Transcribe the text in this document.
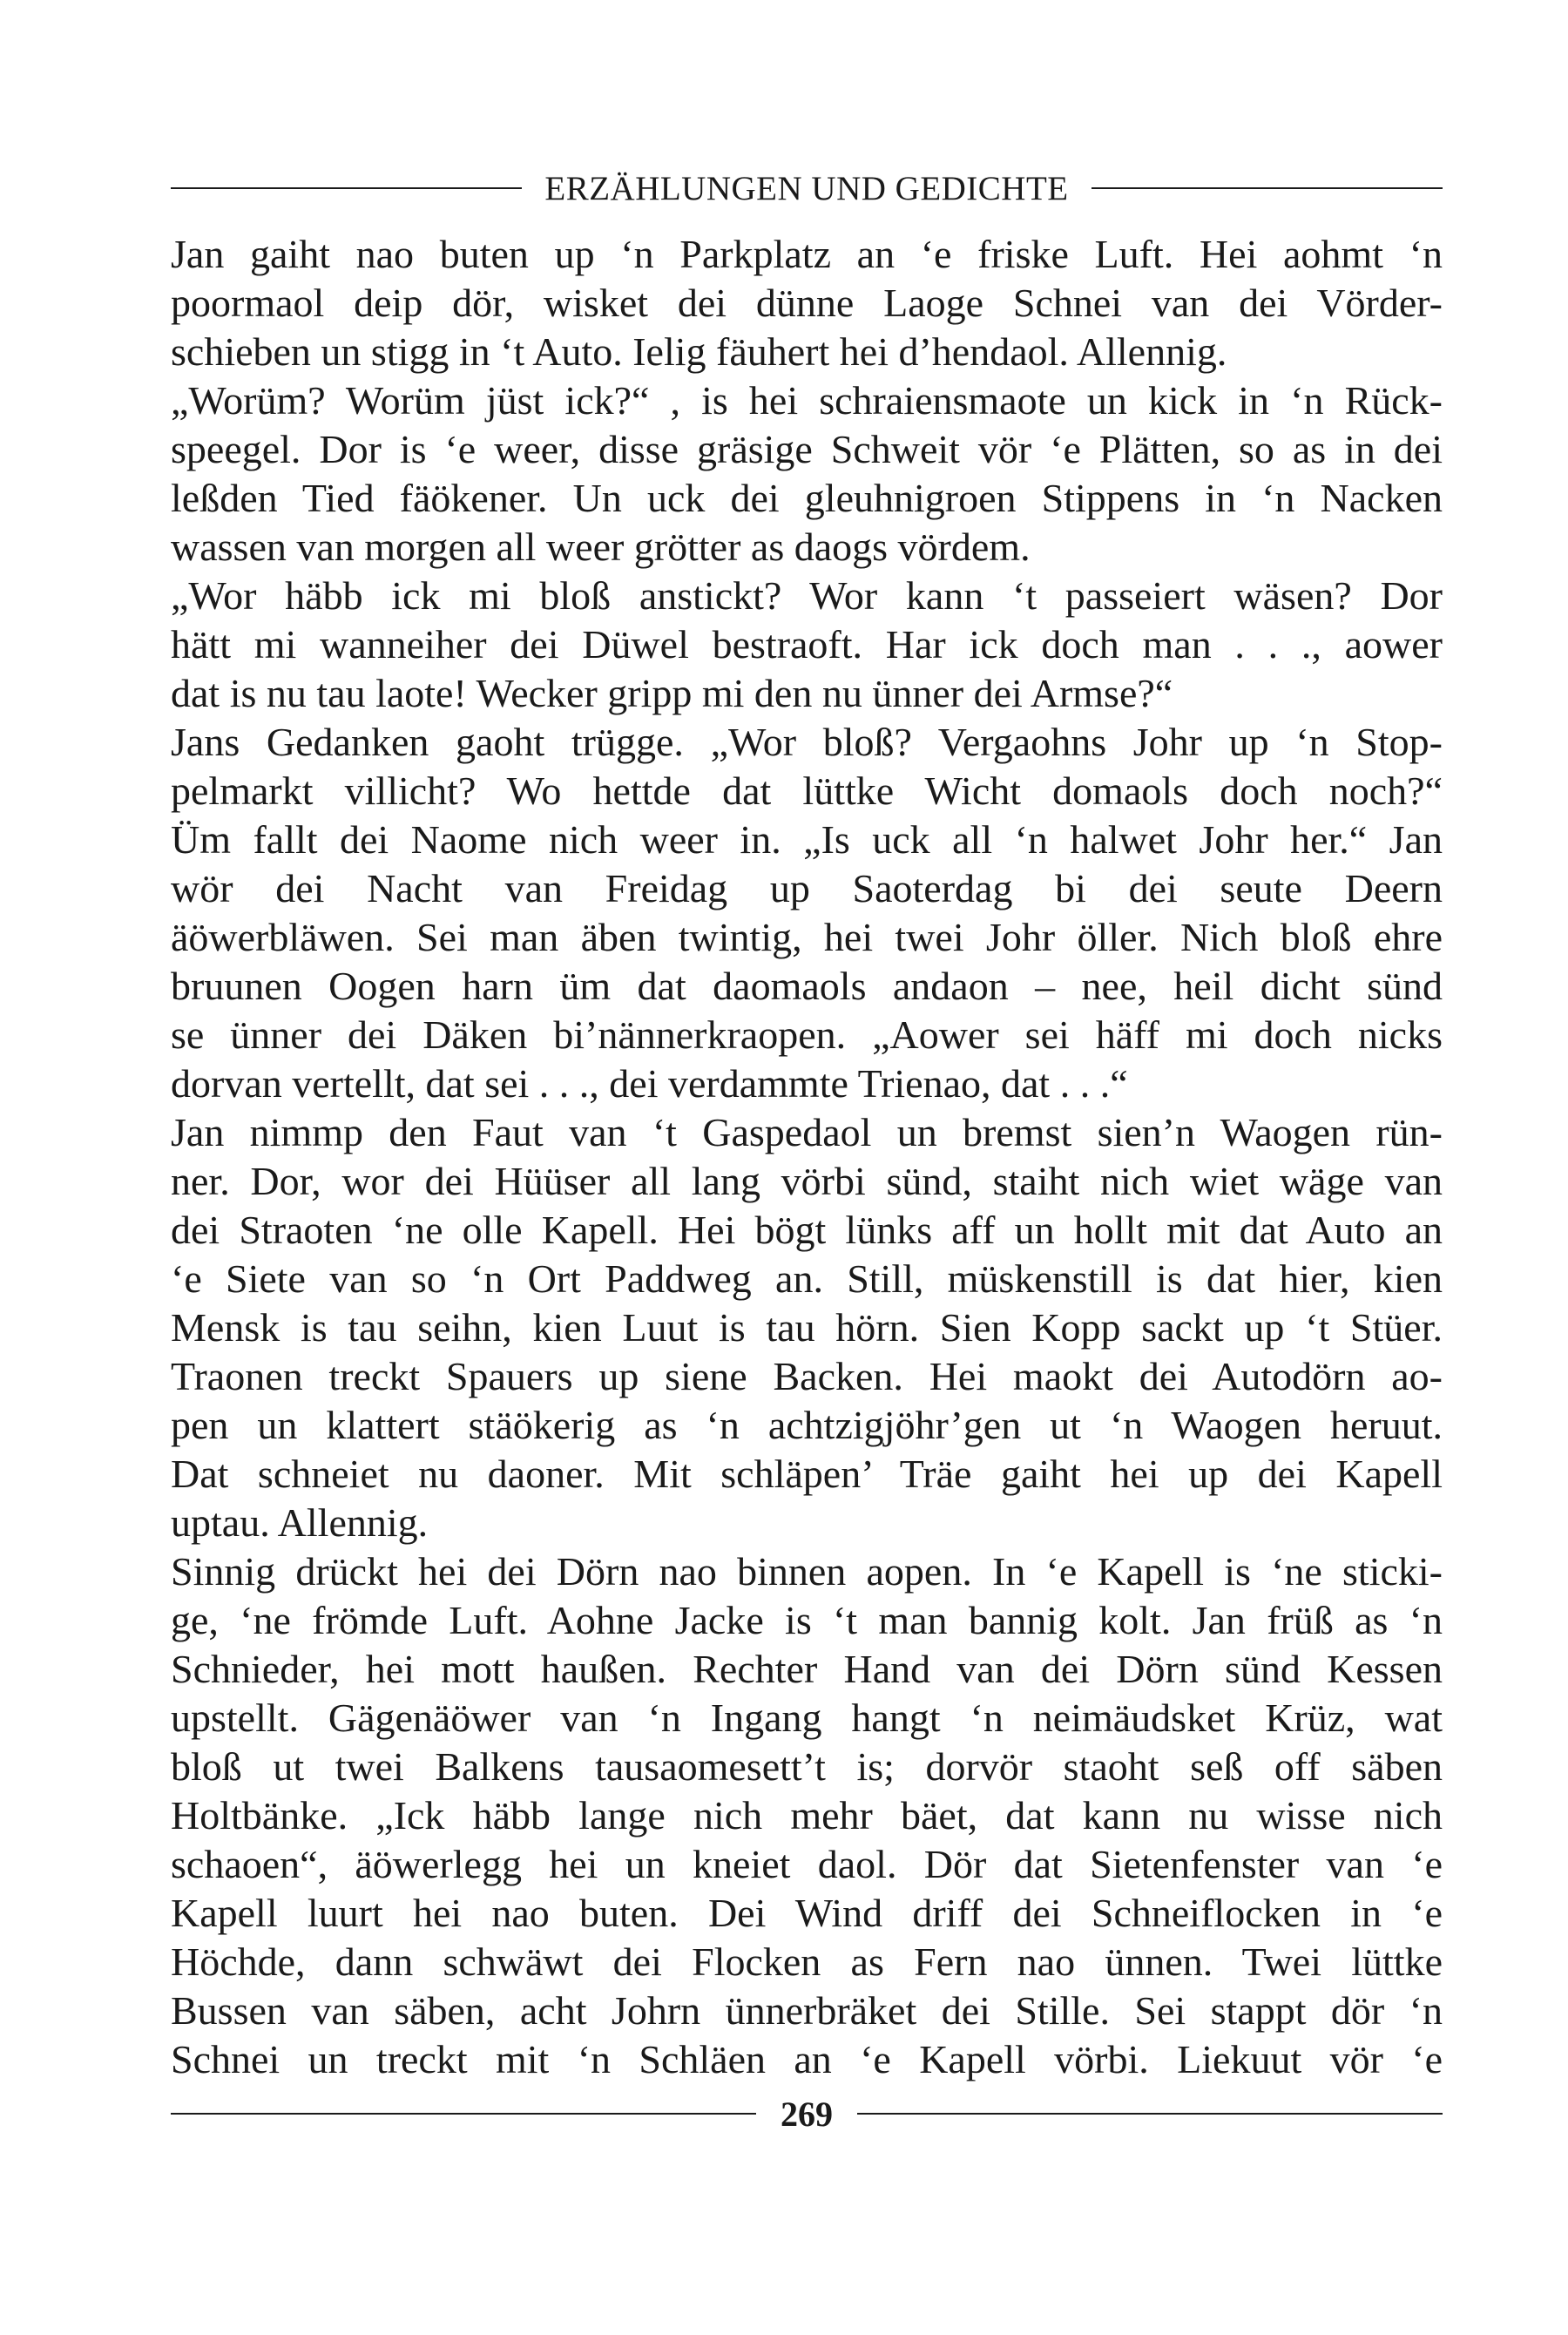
ERZÄHLUNGEN UND GEDICHTE
Jan gaiht nao buten up ‘n Parkplatz an ‘e friske Luft. Hei aohmt ‘n
poormaol deip dör, wisket dei dünne Laoge Schnei van dei Vörder-
schieben un stigg in ‘t Auto. Ielig fäuhert hei d’hendaol. Allennig.
„Worüm? Worüm jüst ick?“ , is hei schraiensmaote un kick in ‘n Rück-
speegel. Dor is ‘e weer, disse gräsige Schweit vör ‘e Plätten, so as in dei
leßden Tied fäökener. Un uck dei gleuhnigroen Stippens in ‘n Nacken
wassen van morgen all weer grötter as daogs vördem.
„Wor häbb ick mi bloß anstickt? Wor kann ‘t passeiert wäsen? Dor
hätt mi wanneiher dei Düwel bestraoft. Har ick doch man . . ., aower
dat is nu tau laote! Wecker gripp mi den nu ünner dei Armse?“
Jans Gedanken gaoht trügge. „Wor bloß? Vergaohns Johr up ‘n Stop-
pelmarkt villicht? Wo hettde dat lüttke Wicht domaols doch noch?“
Üm fallt dei Naome nich weer in. „Is uck all ‘n halwet Johr her.“ Jan
wör dei Nacht van Freidag up Saoterdag bi dei seute Deern
äöwerbläwen. Sei man äben twintig, hei twei Johr öller. Nich bloß ehre
bruunen Oogen harn üm dat daomaols andaon – nee, heil dicht sünd
se ünner dei Däken bi’nännerkraopen. „Aower sei häff mi doch nicks
dorvan vertellt, dat sei . . ., dei verdammte Trienao, dat . . .“
Jan nimmp den Faut van ‘t Gaspedaol un bremst sien’n Waogen rün-
ner. Dor, wor dei Hüüser all lang vörbi sünd, staiht nich wiet wäge van
dei Straoten ‘ne olle Kapell. Hei bögt lünks aff un hollt mit dat Auto an
‘e Siete van so ‘n Ort Paddweg an. Still, müskenstill is dat hier, kien
Mensk is tau seihn, kien Luut is tau hörn. Sien Kopp sackt up ‘t Stüer.
Traonen treckt Spauers up siene Backen. Hei maokt dei Autodörn ao-
pen un klattert stäökerig as ‘n achtzigjöhr’gen ut ‘n Waogen heruut.
Dat schneiet nu daoner. Mit schläpen’ Träe gaiht hei up dei Kapell
uptau. Allennig.
Sinnig drückt hei dei Dörn nao binnen aopen. In ‘e Kapell is ‘ne sticki-
ge, ‘ne frömde Luft. Aohne Jacke is ‘t man bannig kolt. Jan früß as ‘n
Schnieder, hei mott haußen. Rechter Hand van dei Dörn sünd Kessen
upstellt. Gägenäöwer van ‘n Ingang hangt ‘n neimäudsket Krüz, wat
bloß ut twei Balkens tausaomesett’t is; dorvör staoht seß off säben
Holtbänke. „Ick häbb lange nich mehr bäet, dat kann nu wisse nich
schaoen“, äöwerlegg hei un kneiet daol. Dör dat Sietenfenster van ‘e
Kapell luurt hei nao buten. Dei Wind driff dei Schneiflocken in ‘e
Höchde, dann schwäwt dei Flocken as Fern nao ünnen. Twei lüttke
Bussen van säben, acht Johrn ünnerbräket dei Stille. Sei stappt dör ‘n
Schnei un treckt mit ‘n Schläen an ‘e Kapell vörbi. Liekuut vör ‘e
269
